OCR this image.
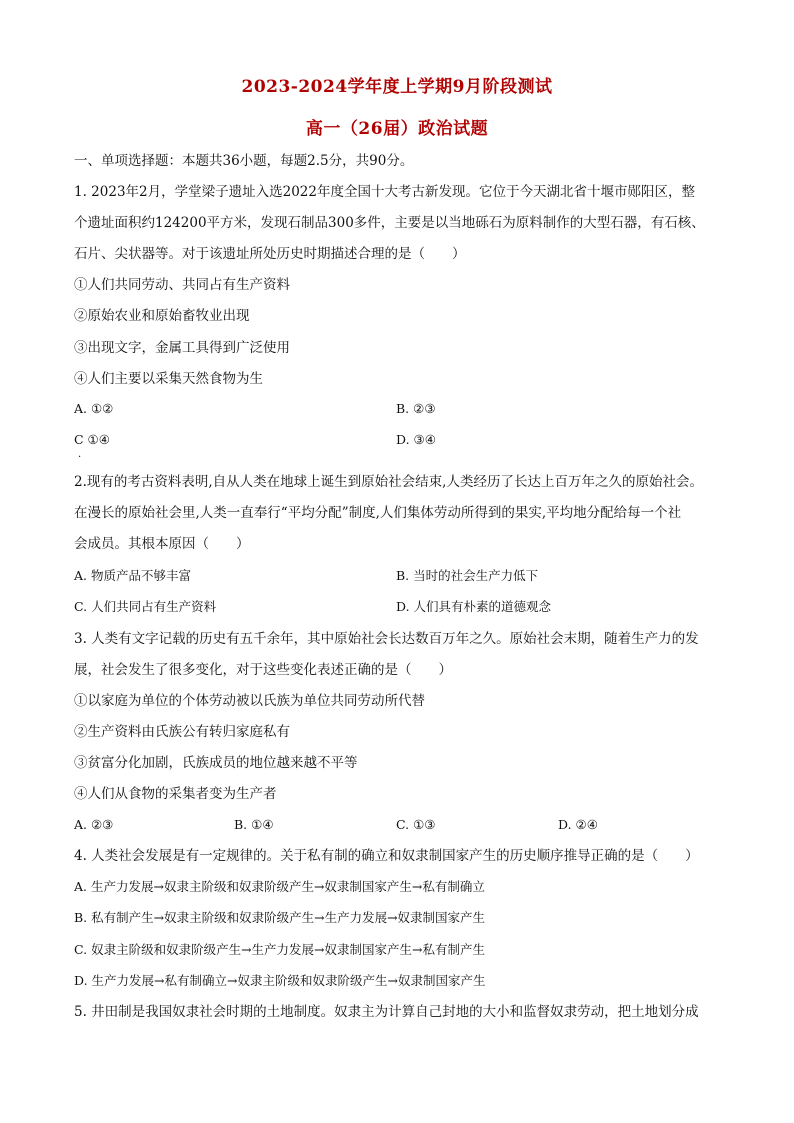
2023-2024学年度上学期9月阶段测试
高一（26届）政治试题
一、单项选择题：本题共36小题，每题2.5分，共90分。
1. 2023年2月，学堂梁子遗址入选2022年度全国十大考古新发现。它位于今天湖北省十堰市郧阳区，整
个遗址面积约124200平方米，发现石制品300多件，主要是以当地砾石为原料制作的大型石器，有石核、
石片、尖状器等。对于该遗址所处历史时期描述合理的是（　　）
①人们共同劳动、共同占有生产资料
②原始农业和原始畜牧业出现
③出现文字，金属工具得到广泛使用
④人们主要以采集天然食物为生
A. ①②	B. ②③
C ①④	D. ③④
·
2.现有的考古资料表明,自从人类在地球上诞生到原始社会结束,人类经历了长达上百万年之久的原始社会。
在漫长的原始社会里,人类一直奉行“平均分配”制度,人们集体劳动所得到的果实,平均地分配给每一个社
会成员。其根本原因（　　）
A. 物质产品不够丰富	B. 当时的社会生产力低下
C. 人们共同占有生产资料	D. 人们具有朴素的道德观念
3. 人类有文字记载的历史有五千余年，其中原始社会长达数百万年之久。原始社会末期，随着生产力的发
展，社会发生了很多变化，对于这些变化表述正确的是（　　）
①以家庭为单位的个体劳动被以氏族为单位共同劳动所代替
②生产资料由氏族公有转归家庭私有
③贫富分化加剧，氏族成员的地位越来越不平等
④人们从食物的采集者变为生产者
A. ②③	B. ①④	C. ①③	D. ②④
4. 人类社会发展是有一定规律的。关于私有制的确立和奴隶制国家产生的历史顺序推导正确的是（　　）
A. 生产力发展→奴隶主阶级和奴隶阶级产生→奴隶制国家产生→私有制确立
B. 私有制产生→奴隶主阶级和奴隶阶级产生→生产力发展→奴隶制国家产生
C. 奴隶主阶级和奴隶阶级产生→生产力发展→奴隶制国家产生→私有制产生
D. 生产力发展→私有制确立→奴隶主阶级和奴隶阶级产生→奴隶制国家产生
5. 井田制是我国奴隶社会时期的土地制度。奴隶主为计算自己封地的大小和监督奴隶劳动，把土地划分成
